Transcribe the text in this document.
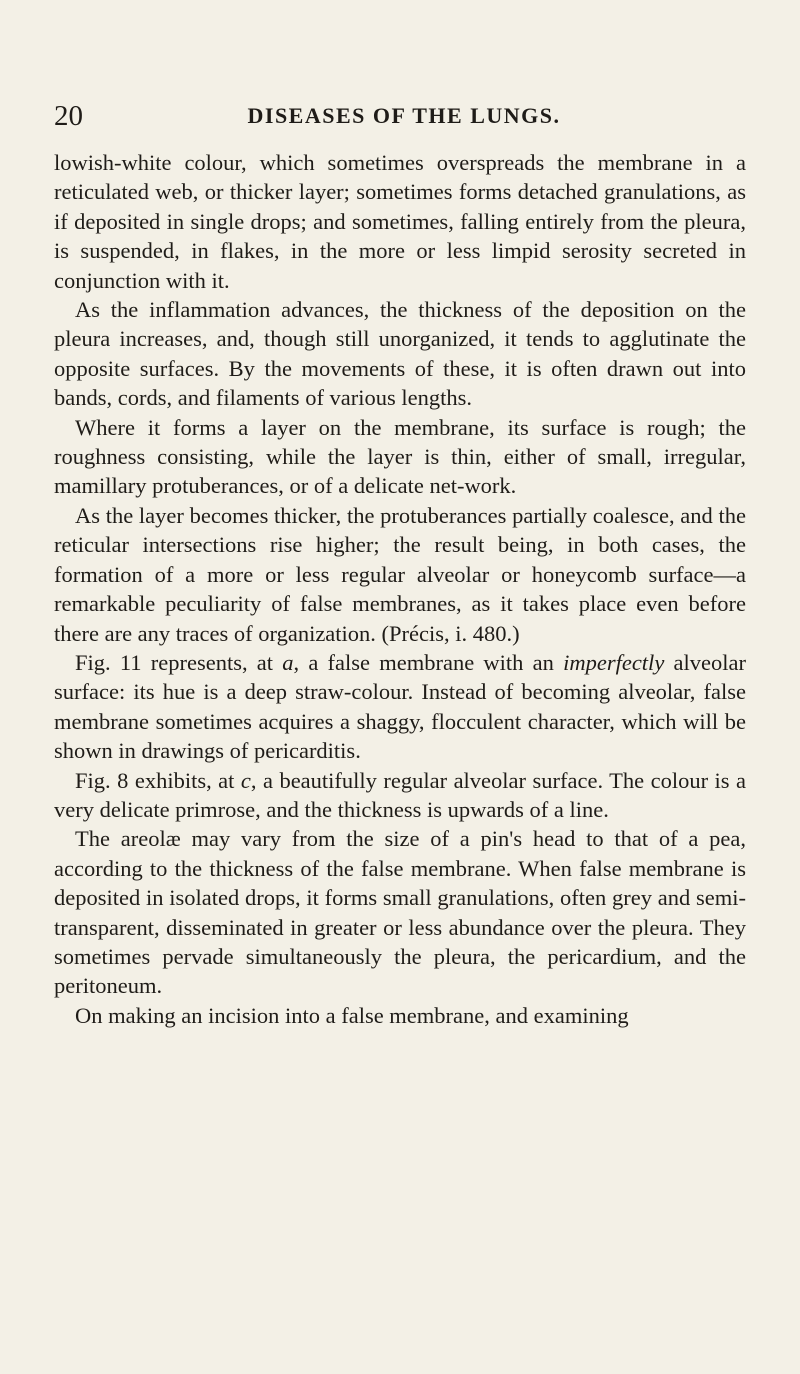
20	DISEASES OF THE LUNGS.

lowish-white colour, which sometimes overspreads the membrane in a reticulated web, or thicker layer; sometimes forms detached granulations, as if deposited in single drops; and sometimes, falling entirely from the pleura, is suspended, in flakes, in the more or less limpid serosity secreted in conjunction with it.

As the inflammation advances, the thickness of the deposition on the pleura increases, and, though still unorganized, it tends to agglutinate the opposite surfaces. By the movements of these, it is often drawn out into bands, cords, and filaments of various lengths.

Where it forms a layer on the membrane, its surface is rough; the roughness consisting, while the layer is thin, either of small, irregular, mamillary protuberances, or of a delicate net-work.

As the layer becomes thicker, the protuberances partially coalesce, and the reticular intersections rise higher; the result being, in both cases, the formation of a more or less regular alveolar or honeycomb surface—a remarkable peculiarity of false membranes, as it takes place even before there are any traces of organization. (Précis, i. 480.)

Fig. 11 represents, at a, a false membrane with an imperfectly alveolar surface: its hue is a deep straw-colour. Instead of becoming alveolar, false membrane sometimes acquires a shaggy, flocculent character, which will be shown in drawings of pericarditis.

Fig. 8 exhibits, at c, a beautifully regular alveolar surface. The colour is a very delicate primrose, and the thickness is upwards of a line.

The areolæ may vary from the size of a pin's head to that of a pea, according to the thickness of the false membrane. When false membrane is deposited in isolated drops, it forms small granulations, often grey and semi-transparent, disseminated in greater or less abundance over the pleura. They sometimes pervade simultaneously the pleura, the pericardium, and the peritoneum.

On making an incision into a false membrane, and examining
